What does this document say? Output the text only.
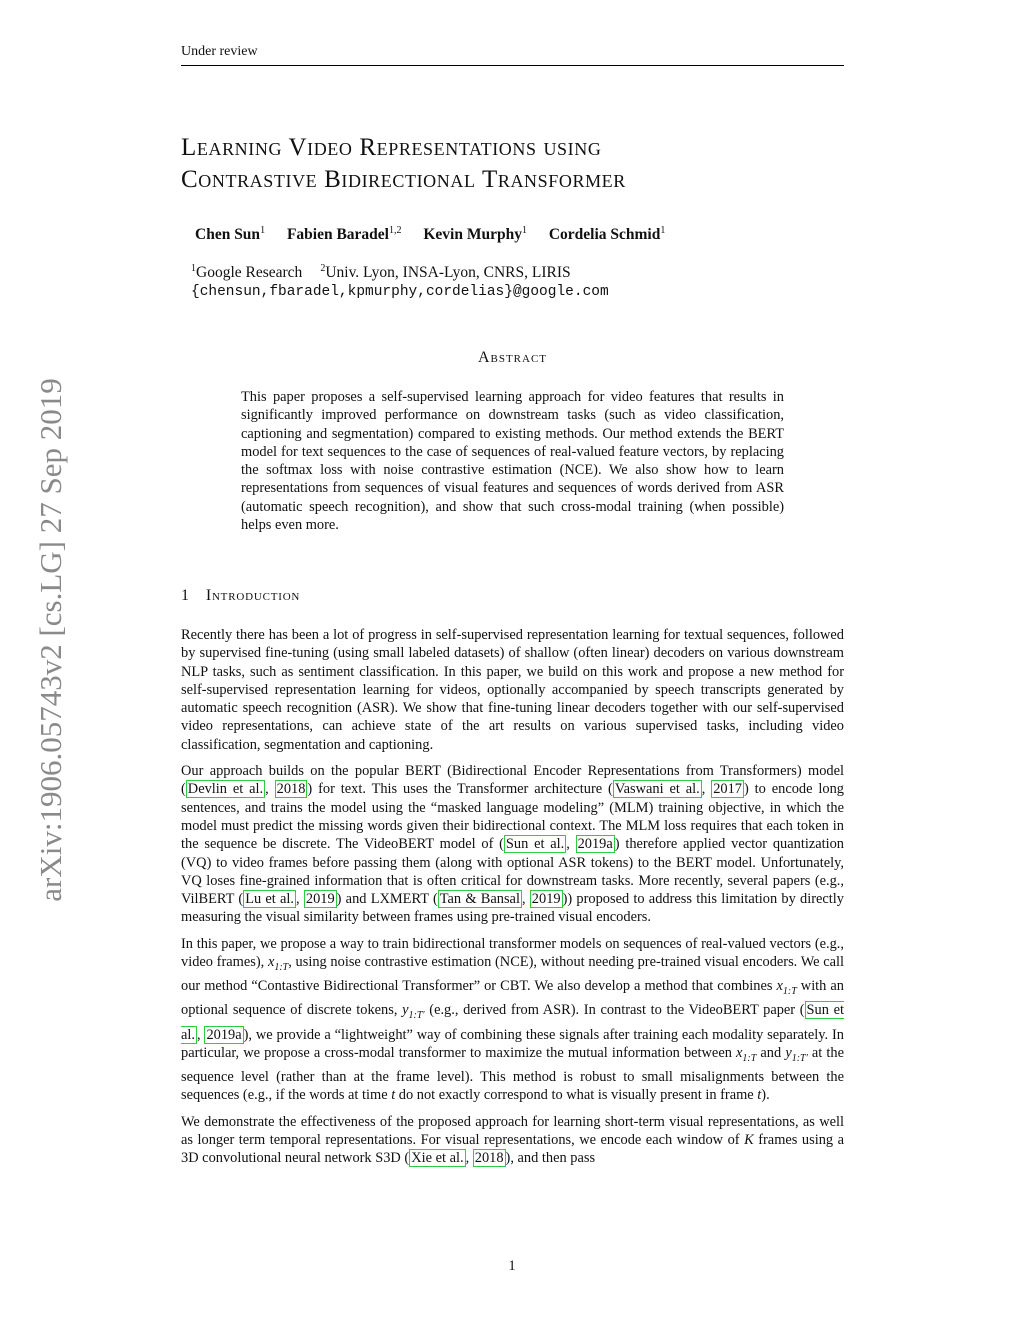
Under review
Learning Video Representations using
Contrastive Bidirectional Transformer
Chen Sun$^1$ Fabien Baradel$^{1,2}$ Kevin Murphy$^1$ Cordelia Schmid$^1$
$^1$Google Research $^2$Univ. Lyon, INSA-Lyon, CNRS, LIRIS
{chensun,fbaradel,kpmurphy,cordelias}@google.com
Abstract
This paper proposes a self-supervised learning approach for video features that results in significantly improved performance on downstream tasks (such as video classification, captioning and segmentation) compared to existing methods. Our method extends the BERT model for text sequences to the case of sequences of real-valued feature vectors, by replacing the softmax loss with noise contrastive estimation (NCE). We also show how to learn representations from sequences of visual features and sequences of words derived from ASR (automatic speech recognition), and show that such cross-modal training (when possible) helps even more.
1 Introduction

Recently there has been a lot of progress in self-supervised representation learning for textual sequences, followed by supervised fine-tuning (using small labeled datasets) of shallow (often linear) decoders on various downstream NLP tasks, such as sentiment classification. In this paper, we build on this work and propose a new method for self-supervised representation learning for videos, optionally accompanied by speech transcripts generated by automatic speech recognition (ASR). We show that fine-tuning linear decoders together with our self-supervised video representations, can achieve state of the art results on various supervised tasks, including video classification, segmentation and captioning.

Our approach builds on the popular BERT (Bidirectional Encoder Representations from Transformers) model ( Devlin et al. , 2018 ) for text. This uses the Transformer architecture ( Vaswani et al. , 2017 ) to encode long sentences, and trains the model using the “masked language modeling” (MLM) training objective, in which the model must predict the missing words given their bidirectional context. The MLM loss requires that each token in the sequence be discrete. The VideoBERT model of ( Sun et al. , 2019a ) therefore applied vector quantization (VQ) to video frames before passing them (along with optional ASR tokens) to the BERT model. Unfortunately, VQ loses fine-grained information that is often critical for downstream tasks. More recently, several papers (e.g., VilBERT ( Lu et al. , 2019 ) and LXMERT ( Tan & Bansal , 2019 )) proposed to address this limitation by directly measuring the visual similarity between frames using pre-trained visual encoders.

In this paper, we propose a way to train bidirectional transformer models on sequences of real-valued vectors (e.g., video frames), $x_{1:T}$, using noise contrastive estimation (NCE), without needing pre-trained visual encoders. We call our method “Contastive Bidirectional Transformer” or CBT. We also develop a method that combines $x_{1:T}$ with an optional sequence of discrete tokens, $y_{1:T'}$ (e.g., derived from ASR). In contrast to the VideoBERT paper ( Sun et al. , 2019a ), we provide a “lightweight” way of combining these signals after training each modality separately. In particular, we propose a cross-modal transformer to maximize the mutual information between $x_{1:T}$ and $y_{1:T'}$ at the sequence level (rather than at the frame level). This method is robust to small misalignments between the sequences (e.g., if the words at time t do not exactly correspond to what is visually present in frame t).

We demonstrate the effectiveness of the proposed approach for learning short-term visual representations, as well as longer term temporal representations. For visual representations, we encode each window of K frames using a 3D convolutional neural network S3D ( Xie et al. , 2018 ), and then pass

arXiv:1906.05743v2 [cs.LG] 27 Sep 2019
1
